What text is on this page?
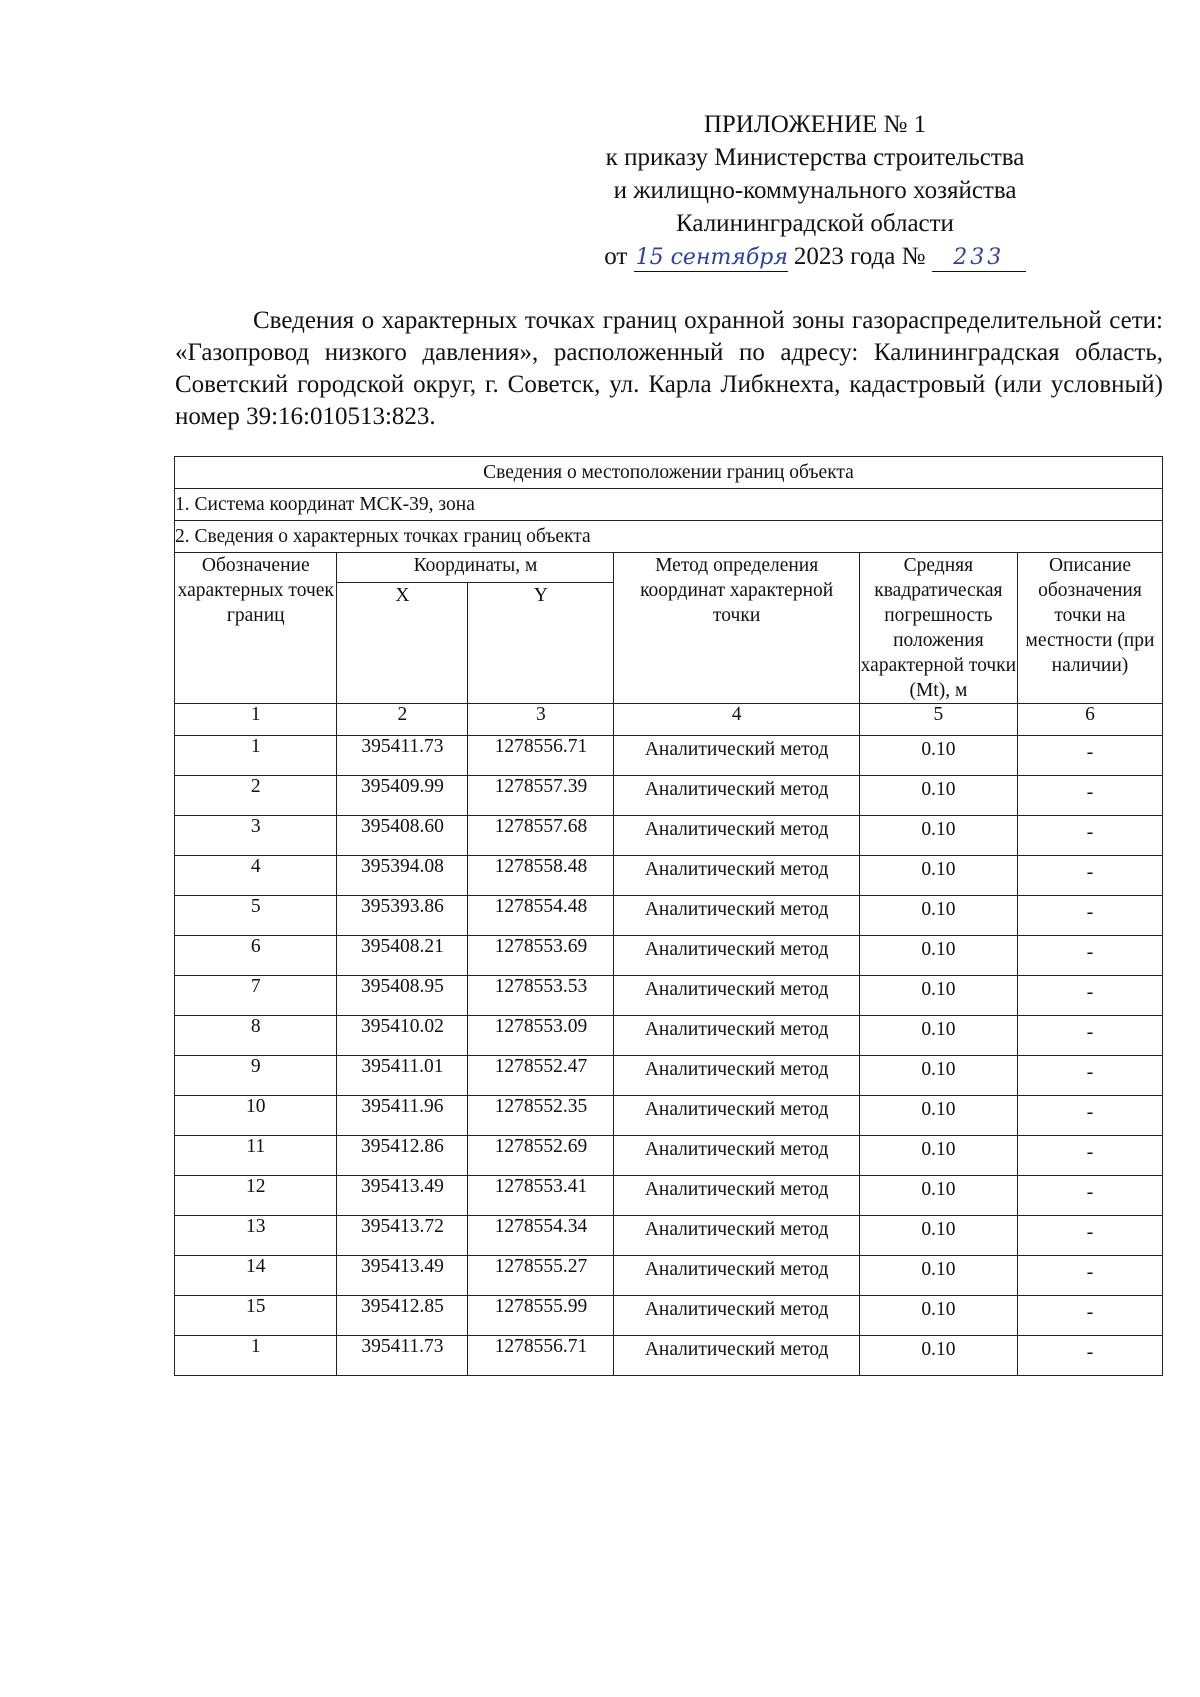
ПРИЛОЖЕНИЕ № 1
к приказу Министерства строительства
и жилищно-коммунального хозяйства
Калининградской области
от 15 сентября 2023 года № 233
Сведения о характерных точках границ охранной зоны газораспределительной сети: «Газопровод низкого давления», расположенный по адресу: Калининградская область, Советский городской округ, г. Советск, ул. Карла Либкнехта, кадастровый (или условный) номер 39:16:010513:823.
Сведения о местоположении границ объекта					
1. Система координат МСК-39, зона					
2. Сведения о характерных точках границ объекта					
Обозначение характерных точек границ	Координаты, м		Метод определения координат характерной точки	Средняя квадратическая погрешность положения характерной точки (Mt), м	Описание обозначения точки на местности (при наличии)
	X	Y			
1	2	3	4	5	6
1	395411.73	1278556.71	Аналитический метод	0.10	-
2	395409.99	1278557.39	Аналитический метод	0.10	-
3	395408.60	1278557.68	Аналитический метод	0.10	-
4	395394.08	1278558.48	Аналитический метод	0.10	-
5	395393.86	1278554.48	Аналитический метод	0.10	-
6	395408.21	1278553.69	Аналитический метод	0.10	-
7	395408.95	1278553.53	Аналитический метод	0.10	-
8	395410.02	1278553.09	Аналитический метод	0.10	-
9	395411.01	1278552.47	Аналитический метод	0.10	-
10	395411.96	1278552.35	Аналитический метод	0.10	-
11	395412.86	1278552.69	Аналитический метод	0.10	-
12	395413.49	1278553.41	Аналитический метод	0.10	-
13	395413.72	1278554.34	Аналитический метод	0.10	-
14	395413.49	1278555.27	Аналитический метод	0.10	-
15	395412.85	1278555.99	Аналитический метод	0.10	-
1	395411.73	1278556.71	Аналитический метод	0.10	-
